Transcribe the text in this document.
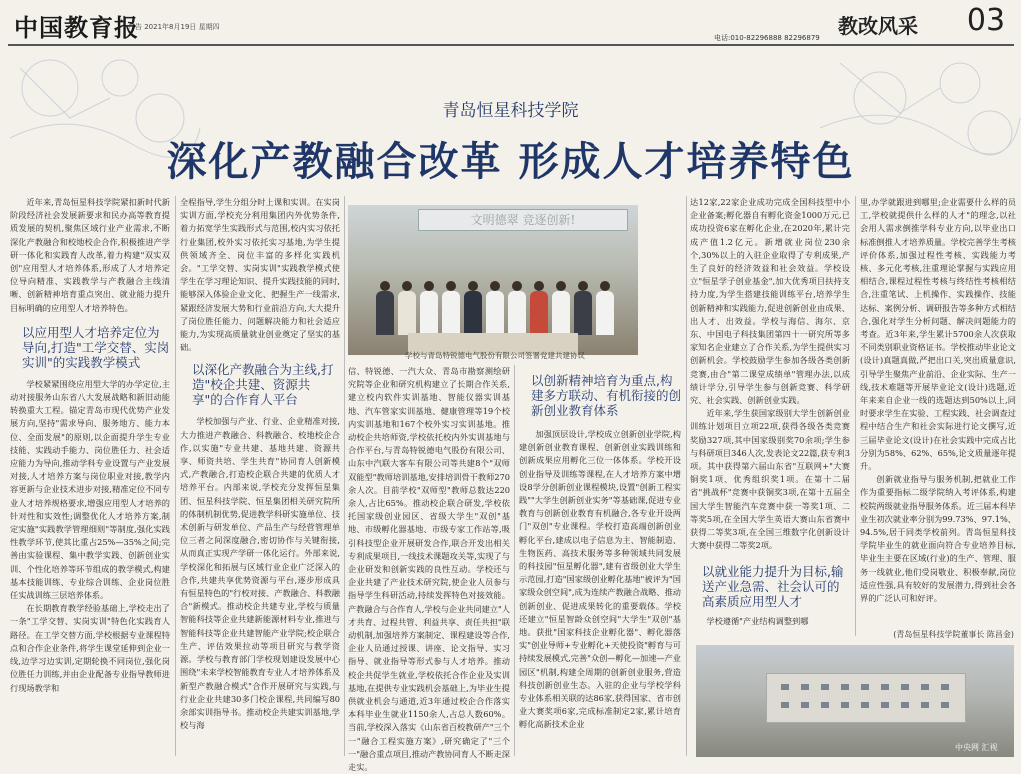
中国教育报
广告 2021年8月19日 星期四
电话:010-82296888 82296879 教改风采	03
青岛恒星科技学院
深化产教融合改革 形成人才培养特色

近年来,青岛恒星科技学院紧扣新时代新阶段经济社会发展新要求和民办高等教育提质发展的契机,聚焦区域行业产业需求,不断深化产教融合和校地校企合作,积极推进产学研一体化和实践育人改革,着力构建"双实双创"应用型人才培养体系,形成了人才培养定位导向精准、实践教学与产教融合主线清晰、创新精神培育重点突出、就业能力提升目标明确的应用型人才培养特色。

以应用型人才培养定位为导向,打造"工学交替、实岗实训"的实践教学模式

学校紧紧围绕应用型大学的办学定位,主动对接服务山东省八大发展战略和新旧动能转换重大工程。锚定青岛市现代优势产业发展方向,坚持"需求导向、服务地方、能力本位、全面发展"的原则,以企面提升学生专业技能、实践动手能力、岗位胜任力、社会适应能力为导向,推动学科专业设置与产业发展对接,人才培养方案与岗位职业对接,教学内容更新与企业技术进步对接,精准定位不同专业人才培养规格要求,增强应用型人才培养的针对性和实效性;调整优化人才培养方案,制定实施"实践教学管理细则"等制度,强化实践性教学环节,使其比重占25%—35%之间;完善由实验课程、集中教学实践、创新创业实训、个性化培养等环节组成的教学模式,构建基本技能训练、专业综合训练、企业岗位胜任实战训练三层培养体系。

在长期教育教学经验基础上,学校走出了一条"工学交替、实岗实训"特色化实践育人路径。在工学交替方面,学校根据专业课程特点和合作企业条件,将学生课堂延伸到企业一线,边学习边实训,定期轮换不同岗位,强化岗位胜任力训练,并由企业配备专业指导教师进行现场教学和

全程指导,学生分组分时上课和实训。在实岗实训方面,学校充分利用集团内外优势条件,着力拓宽学生实践形式与范围,校内实习依托行业集团,校外实习依托实习基地,为学生提供领域齐全、岗位丰富的多样化实践机会。"工学交替、实岗实训"实践教学模式使学生在学习理论知识、提升实践技能的同时,能够深入体验企业文化、把握生产一线需求,紧跟经济发展大势和行业前沿方向,大大提升了岗位胜任能力、问题解决能力和社会适应能力,为实现高质量就业创业奠定了坚实的基础。

以深化产教融合为主线,打造"校企共建、资源共享"的合作育人平台

学校加强与产业、行业、企业精准对接,大力推进产教融合、科教融合、校地校企合作,以实施"专业共建、基地共建、资源共享、师资共培、学生共育"协同育人创新模式,产教融合,打造校企联合共建的优质人才培养平台。内部来说,学校充分发挥恒星集团、恒星科技学院、恒星集团相关研究院所的体制机制优势,促进教学科研实施单位、技术创新与研发单位、产品生产与经营管理单位三者之间深度融合,密切协作与关键衔接,从而真正实现产学研一体化运行。外部来说,学校深化和拓展与区域行业企业广泛深入的合作,共建共享优势资源与平台,逐步形成具有恒星特色的"行校对接、产教融合、科教融合"新模式。推动校企共建专业,学校与质量智能科技等企业共建新能源材料专业,推进与智能科技等企业共建智能产业学院;校企联合生产、评估效果拉动等项目研究与教学资源。学校与教育部门学校现划建设发展中心围绕"未来学校智能教育专业人才培养体系及新型产教融合模式"合作开展研究与实践,与行业企业共建30多门校企课程,共同编写80余部实训指导书。推动校企共建实训基地,学校与海

文明德翠 竞逐创新!
学校与青岛特锐德电气股份有限公司签署党建共建协议

信、特锐德、一汽大众、青岛市勘察测绘研究院等企业和研究机构建立了长期合作关系,建立校内软件实训基地、智能仪器实训基地、汽车管家实训基地、健康管理等19个校内实训基地和167个校外实习实训基地。推动校企共培师资,学校依托校内外实训基地与合作平台,与青岛特锐德电气股份有限公司、山东中汽联大客车有限公司等共建8个"双师双能型"教师培训基地,安排培训骨干教师270余人次。目前学校"双师型"教师总数达220余人,占比65%。推动校企联合研发,学校依托国家级创业园区、省级大学生"双创"基地、市级孵化器基地、市级专家工作站等,吸引科技型企业开展研发合作,联合开发出相关专利成果项目,一线技术课题攻关等,实现了与企业研发和创新实践的良性互动。学校还与企业共建了产业技术研究院,使企业人员参与指导学生科研活动,持续发挥特色对接效能。产教融合与合作育人,学校与企业共同建立"人才共育、过程共管、利益共享、责任共担"联动机制,加强培养方案制定、课程建设等合作,企业人员通过授课、讲座、论文指导、实习指导、就业指导等形式参与人才培养。推动校企共促学生就业,学校依托合作企业及实训基地,在提供专业实践机会基础上,为毕业生提供就业机会与通道,近3年通过校企合作落实本科毕业生就业1150余人,占总人数60%。当前,学校深入落实《山东省百校教研产"三个一"融合工程实施方案》,研究确定了"三个一"融合重点项目,推动产教协同育人不断走深走实。

以创新精神培育为重点,构建多方联动、有机衔接的创新创业教育体系

加强顶层设计,学校成立创新创业学院,构建创新创业教育课程、创新创业实践训练和创新成果应用孵化三位一体体系。学校开设创业指导及训练等课程,在人才培养方案中增设8学分创新创业课程模块,设置"创新工程实践""大学生创新创业实务"等基础课,促进专业教育与创新创业教育有机融合,各专业开设两门"双创"专业课程。学校打造高端创新创业孵化平台,建成以电子信息为主、智能制造、生物医药、高技术服务等多种领域共同发展的科技园"恒星孵化器",建有省级创业大学生示范园,打造"国家级创业孵化基地"被评为"国家级众创空间",成为连续产教融合战略、推动创新创业、促进成果转化的重要载体。学校还建立"恒星智龄众创空间"大学生"双创"基地。获批"国家科技企业孵化器"、孵化器落实"创业导师+专业孵化+天使投资"孵育与可持续发展模式,完善"众创—孵化—加速—产业园区"机制,构建全周期的创新创业服务,营造科技创新创业生态。入驻的企业与学校学科专业体系相关联的达86家,获得国家、省市创业大赛奖项6家,完成标准制定2家,累计培育孵化高新技术企业

达12家,22家企业成功完成全国科技型中小企业备案;孵化器自有孵化资金1000万元,已成功投资6家在孵化企业,在2020年,累计完成产值1.2亿元。新增就业岗位230余个,30%以上的入驻企业取得了专利成果,产生了良好的经济效益和社会效益。学校设立"恒星学子创业基金",加大优秀项目扶持支持力度,为学生搭建技能训练平台,培养学生创新精神和实践能力,促进创新创业由成果、出人才、出效益。学校与海信、海尔、京东、中国电子科技集团第四十一研究所等多家知名企业建立了合作关系,为学生提供实习创新机会。学校鼓励学生参加各级各类创新竞赛,由合"第二课堂成绩单"管理办法,以成绩计学分,引导学生参与创新竞赛、科学研究、社会实践、创新创业实践。

近年来,学生获国家级别大学生创新创业训练计划项目立项22项,获得各级各类竞赛奖励327项,其中国家级别奖70余项;学生参与科研项目346人次,发表论文22篇,获专利3项。其中获得第六届山东省"互联网+"大赛铜奖1项、优秀组织奖1项。在第十二届省"挑战杯"竞赛中获铜奖3项,在第十五届全国大学生智能汽车竞赛中获一等奖1项、二等奖5项,在全国大学生英语大赛山东省赛中获得二等奖3项,在全国三维数字化创新设计大赛中获得二等奖2项。

里,办学就跟进到哪里;企业需要什么样的员工,学校就提供什么样的人才"的理念,以社会用人需求倒推学科专业方向,以毕业出口标准倒推人才培养质量。学校完善学生考核评价体系,加强过程性考核、实践能力考核、多元化考核,注重理论掌握与实践应用相结合,课程过程性考核与终结性考核相结合,注重笔试、上机操作、实践操作、技能达标、案例分析、调研报告等多种方式相结合,强化对学生分析问题、解决问题能力的考查。近3年来,学生累计5700余人次获取不同类别职业资格证书。学校推动毕业论文(设计)真题真做,严把出口关,突出质量意识,引导学生聚焦产业前沿、企业实际、生产一线,技术难题等开展毕业论文(设计)选题,近年来来自企业一线的选题达到50%以上,同时要求学生在实验、工程实践、社会调查过程中结合生产和社会实际进行论文撰写,近三届毕业论文(设计)在社会实践中完成占比分别为58%、62%、65%,论文质量逐年提升。

创新就业指导与服务机制,把就业工作作为重要指标二级学院纳入考评体系,构建校院两级就业指导服务体系。近三届本科毕业生初次就业率分别为99.73%、97.1%、94.5%,居于同类学校前列。青岛恒星科技学院毕业生的就业面向符合专业培养目标,毕业生主要在区域(行业)的生产、管理、服务一线就业,他们受岗敬业、积极奉献,岗位适应性强,具有较好的发展潜力,得到社会各界的广泛认可和好评。

以就业能力提升为目标,输送产业急需、社会认可的高素质应用型人才

学校遵循"产业结构调整到哪

(青岛恒星科技学院董事长 陈昌金)
中央网 汇视
